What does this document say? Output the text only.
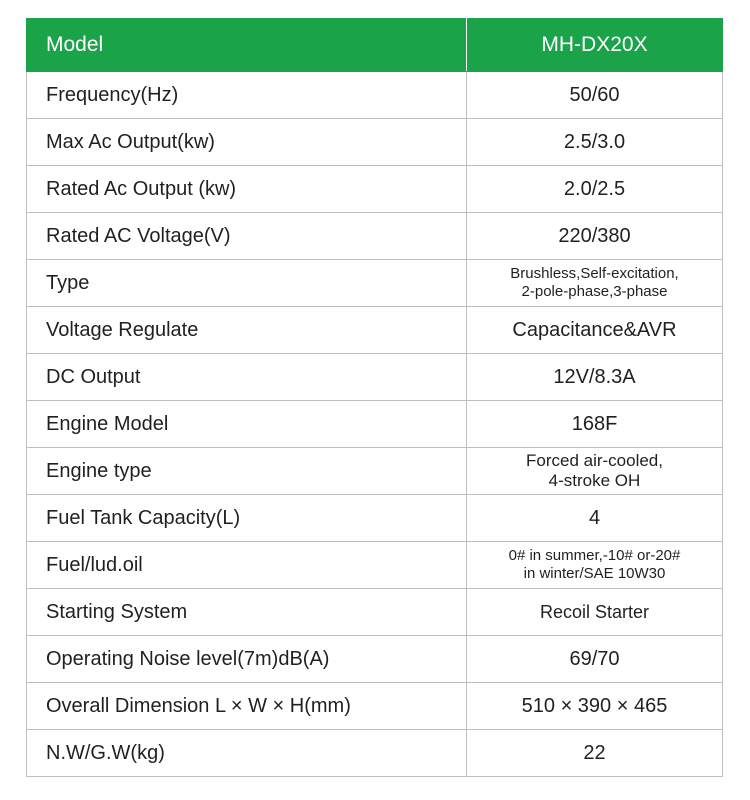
Model	MH-DX20X
Frequency(Hz)	50/60

Max Ac Output(kw)	2.5/3.0

Rated Ac Output (kw)	2.0/2.5

Rated AC Voltage(V)	220/380

Type	Brushless,Self-excitation,
2-pole-phase,3-phase

Voltage Regulate	Capacitance&AVR

DC Output	12V/8.3A

Engine Model	168F

Engine type	Forced air-cooled,
4-stroke OH

Fuel Tank Capacity(L)	4

Fuel/lud.oil	0# in summer,-10# or-20#
in winter/SAE 10W30

Starting System	Recoil Starter

Operating Noise level(7m)dB(A)	69/70

Overall Dimension L × W × H(mm)	510 × 390 × 465

N.W/G.W(kg)	22
